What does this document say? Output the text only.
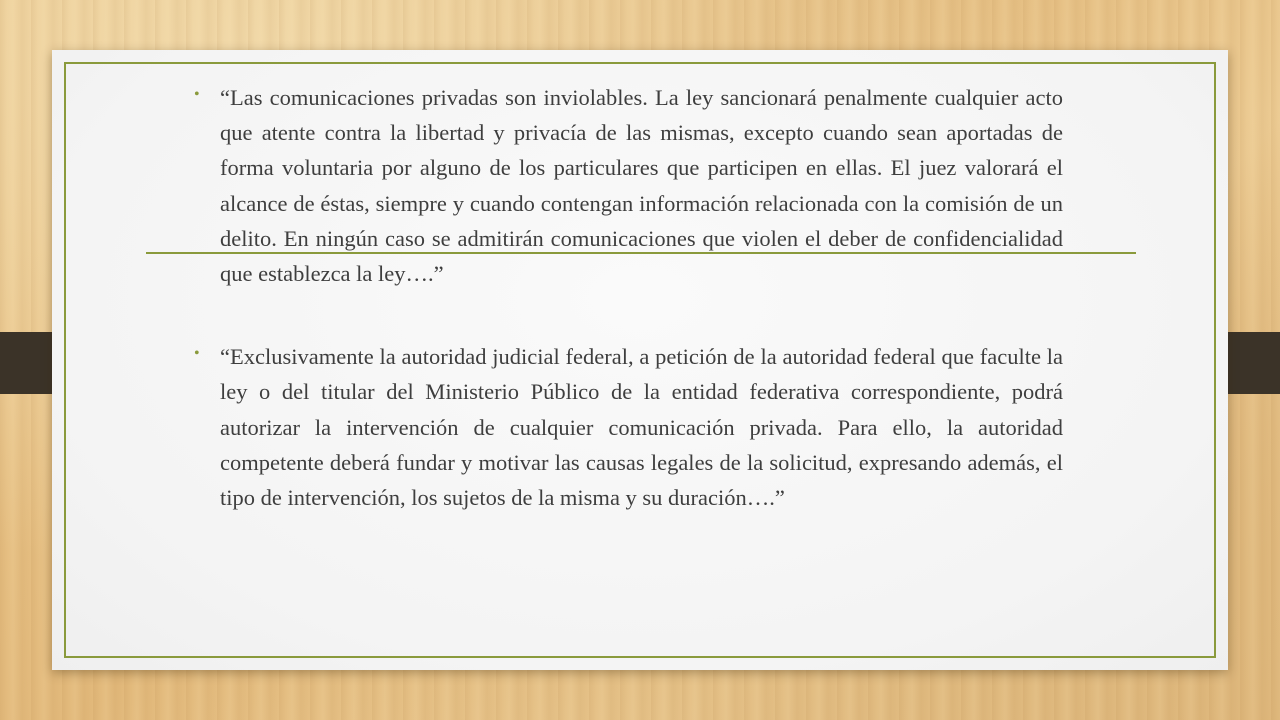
• “Las comunicaciones privadas son inviolables. La ley sancionará penalmente cualquier acto que atente contra la libertad y privacía de las mismas, excepto cuando sean aportadas de forma voluntaria por alguno de los particulares que participen en ellas. El juez valorará el alcance de éstas, siempre y cuando contengan información relacionada con la comisión de un delito. En ningún caso se admitirán comunicaciones que violen el deber de confidencialidad que establezca la ley….”

• “Exclusivamente la autoridad judicial federal, a petición de la autoridad federal que faculte la ley o del titular del Ministerio Público de la entidad federativa correspondiente, podrá autorizar la intervención de cualquier comunicación privada. Para ello, la autoridad competente deberá fundar y motivar las causas legales de la solicitud, expresando además, el tipo de intervención, los sujetos de la misma y su duración….”
